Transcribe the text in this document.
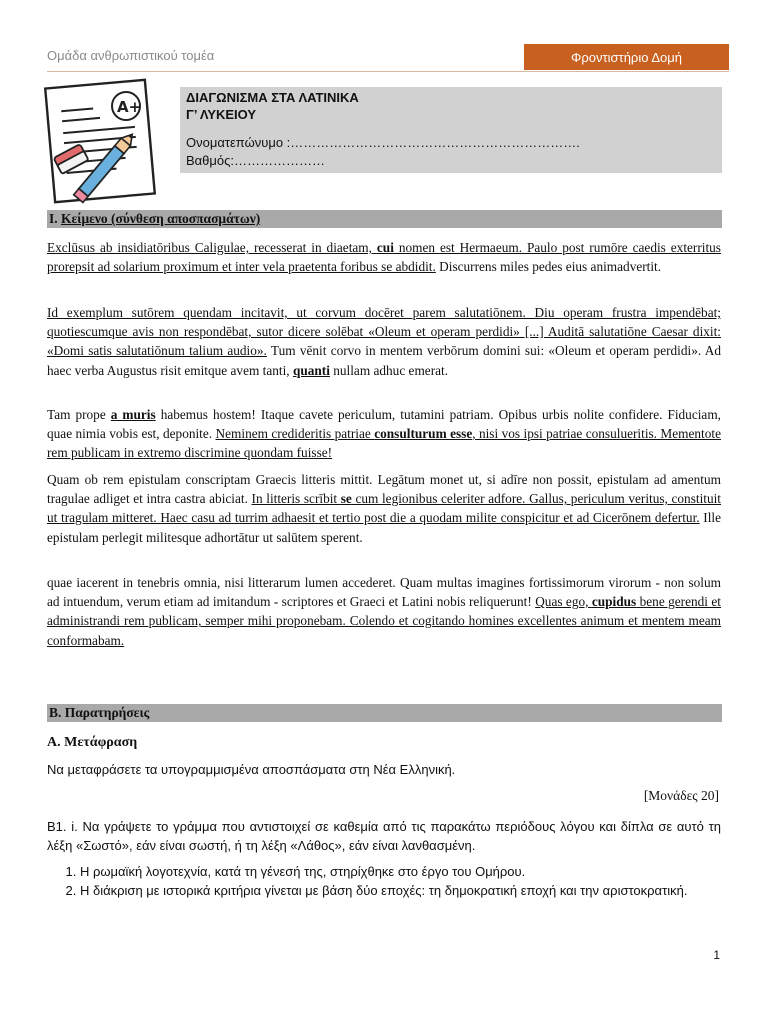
Ομάδα ανθρωπιστικού τομέα	Φροντιστήριο Δομή
A+
ΔΙΑΓΩΝΙΣΜΑ ΣΤΑ ΛΑΤΙΝΙΚΑ
Γ’ ΛΥΚΕΙΟΥ
Ονοματεπώνυμο :………………………………………………………….
Βαθμός:…………………
Ι. Κείμενο (σύνθεση αποσπασμάτων)
Exclūsus ab insidiatōribus Caligulae, recesserat in diaetam, cui nomen est Hermaeum. Paulo post rumōre caedis exterritus prorepsit ad solarium proximum et inter vela praetenta foribus se abdidit. Discurrens miles pedes eius animadvertit.
Id exemplum sutōrem quendam incitavit, ut corvum docēret parem salutatiōnem. Diu operam frustra impendēbat; quotiescumque avis non respondēbat, sutor dicere solēbat «Oleum et operam perdidi» [...] Auditā salutatiōne Caesar dixit: «Domi satis salutatiōnum talium audio». Tum vēnit corvo in mentem verbōrum domini sui: «Oleum et operam perdidi». Ad haec verba Augustus risit emitque avem tanti, quanti nullam adhuc emerat.
Tam prope a muris habemus hostem! Itaque cavete periculum, tutamini patriam. Opibus urbis nolite confidere. Fiduciam, quae nimia vobis est, deponite. Neminem credideritis patriae consulturum esse, nisi vos ipsi patriae consulueritis. Mementote rem publicam in extremo discrimine quondam fuisse!
Quam ob rem epistulam conscriptam Graecis litteris mittit. Legātum monet ut, si adīre non possit, epistulam ad amentum tragulae adliget et intra castra abiciat. In litteris scrībit se cum legionibus celeriter adfore. Gallus, periculum veritus, constituit ut tragulam mitteret. Haec casu ad turrim adhaesit et tertio post die a quodam milite conspicitur et ad Cicerōnem defertur. Ille epistulam perlegit militesque adhortātur ut salūtem sperent.
quae iacerent in tenebris omnia, nisi litterarum lumen accederet. Quam multas imagines fortissimorum virorum - non solum ad intuendum, verum etiam ad imitandum - scriptores et Graeci et Latini nobis reliquerunt! Quas ego, cupidus bene gerendi et administrandi rem publicam, semper mihi proponebam. Colendo et cogitando homines excellentes animum et mentem meam conformabam.
Β. Παρατηρήσεις
Α. Μετάφραση
Να μεταφράσετε τα υπογραμμισμένα αποσπάσματα στη Νέα Ελληνική.
[Μονάδες 20]
Β1. i. Να γράψετε το γράμμα που αντιστοιχεί σε καθεμία από τις παρακάτω περιόδους λόγου και δίπλα σε αυτό τη λέξη «Σωστό», εάν είναι σωστή, ή τη λέξη «Λάθος», εάν είναι λανθασμένη.
1. Η ρωμαϊκή λογοτεχνία, κατά τη γένεσή της, στηρίχθηκε στο έργο του Ομήρου.
2. Η διάκριση με ιστορικά κριτήρια γίνεται με βάση δύο εποχές: τη δημοκρατική εποχή και την αριστοκρατική.
1
